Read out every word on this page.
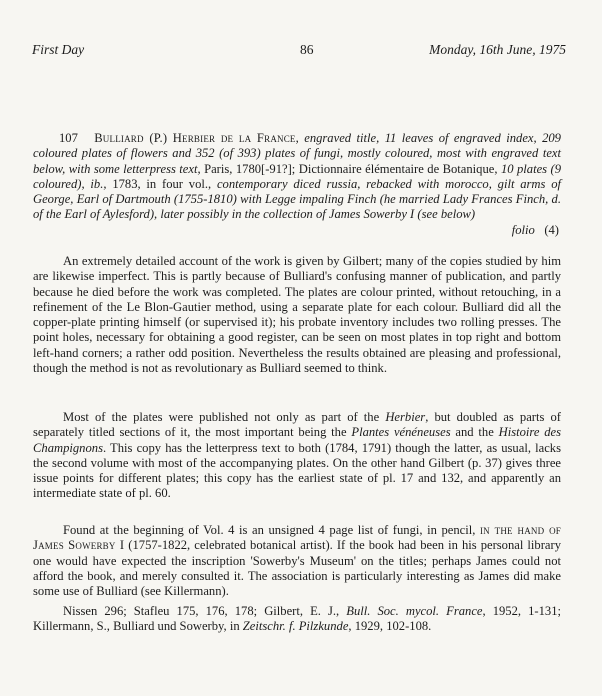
First Day	86	Monday, 16th June, 1975

107 Bulliard (P.) Herbier de la France, engraved title, 11 leaves of engraved index, 209 coloured plates of flowers and 352 (of 393) plates of fungi, mostly coloured, most with engraved text below, with some letterpress text, Paris, 1780[-91?]; Dictionnaire élémentaire de Botanique, 10 plates (9 coloured), ib., 1783, in four vol., contemporary diced russia, rebacked with morocco, gilt arms of George, Earl of Dartmouth (1755-1810) with Legge impaling Finch (he married Lady Frances Finch, d. of the Earl of Aylesford), later possibly in the collection of James Sowerby I (see below)

folio (4)

An extremely detailed account of the work is given by Gilbert; many of the copies studied by him are likewise imperfect. This is partly because of Bulliard's confusing manner of publication, and partly because he died before the work was completed. The plates are colour printed, without retouching, in a refinement of the Le Blon-Gautier method, using a separate plate for each colour. Bulliard did all the copper-plate printing himself (or supervised it); his probate inventory includes two rolling presses. The point holes, necessary for obtaining a good register, can be seen on most plates in top right and bottom left-hand corners; a rather odd position. Nevertheless the results obtained are pleasing and professional, though the method is not as revolutionary as Bulliard seemed to think.

Most of the plates were published not only as part of the Herbier, but doubled as parts of separately titled sections of it, the most important being the Plantes vénéneuses and the Histoire des Champignons. This copy has the letterpress text to both (1784, 1791) though the latter, as usual, lacks the second volume with most of the accompanying plates. On the other hand Gilbert (p. 37) gives three issue points for different plates; this copy has the earliest state of pl. 17 and 132, and apparently an intermediate state of pl. 60.

Found at the beginning of Vol. 4 is an unsigned 4 page list of fungi, in pencil, in the hand of James Sowerby I (1757-1822, celebrated botanical artist). If the book had been in his personal library one would have expected the inscription 'Sowerby's Museum' on the titles; perhaps James could not afford the book, and merely consulted it. The association is particularly interesting as James did make some use of Bulliard (see Killermann).

Nissen 296; Stafleu 175, 176, 178; Gilbert, E. J., Bull. Soc. mycol. France, 1952, 1-131; Killermann, S., Bulliard und Sowerby, in Zeitschr. f. Pilzkunde, 1929, 102-108.
